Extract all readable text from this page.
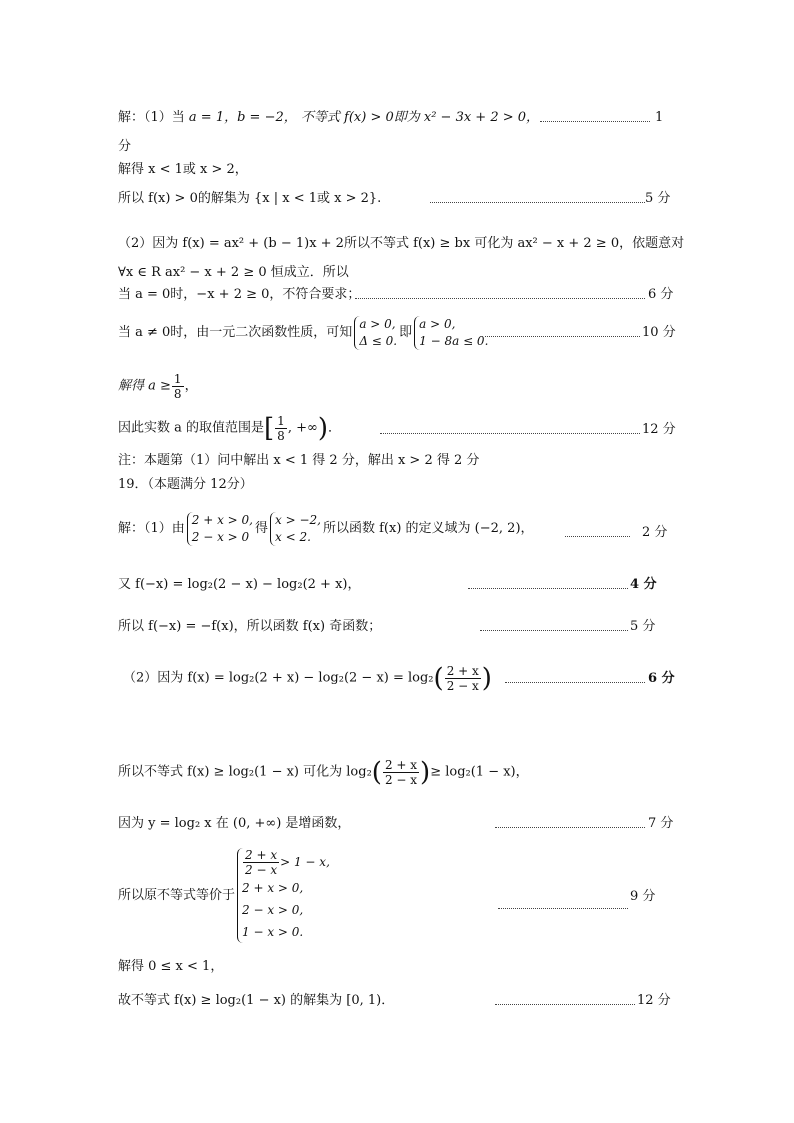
解：（1）当 a = 1，b = −2， 不等式 f(x) > 0即为 x² − 3x + 2 > 0，	1
分
解得 x < 1或 x > 2，
所以 f(x) > 0的解集为 {x | x < 1或 x > 2}.	5 分
（2）因为 f(x) = ax² + (b − 1)x + 2所以不等式 f(x) ≥ bx 可化为 ax² − x + 2 ≥ 0，依题意对
∀x ∈ R ax² − x + 2 ≥ 0 恒成立．所以
当 a = 0时，−x + 2 ≥ 0，不符合要求；	6 分
当 a ≠ 0时，由一元二次函数性质，可知
a > 0,
Δ ≤ 0.
即
a > 0,
1 − 8a ≤ 0.
10 分
解得 $a \ge \frac{1}{8}$ ，
因此实数 a 的取值范围是[ $\frac{1}{8}$ , +∞)．	12 分
注：本题第（1）问中解出 x < 1 得 2 分，解出 x > 2 得 2 分
19．（本题满分 12分）
解：（1）由
2 + x > 0,
2 − x > 0
得
x > −2,
x < 2.
所以函数 f(x) 的定义域为 (−2, 2)，	2 分
又 f(−x) = log₂(2 − x) − log₂(2 + x)，	4 分
所以 f(−x) = −f(x)，所以函数 f(x) 奇函数；	5 分
（2）因为 $f(x) = \log_2(2 + x) - \log_2(2 - x) = \log_2( \frac{2 + x}{2 - x}$ )	6 分
所以不等式 f(x) ≥ log₂(1 − x) 可化为 $\log_2( \frac{2 + x}{2 - x}$ )≥ log₂(1 − x)，
因为 y = log₂ x 在 (0, +∞) 是增函数，	7 分
所以原不等式等价于
$\frac{2 + x}{2 - x} > 1 - x$,
2 + x > 0,
2 − x > 0,
1 − x > 0.
9 分
解得 0 ≤ x < 1，
故不等式 f(x) ≥ log₂(1 − x) 的解集为 [0, 1)．	12 分
